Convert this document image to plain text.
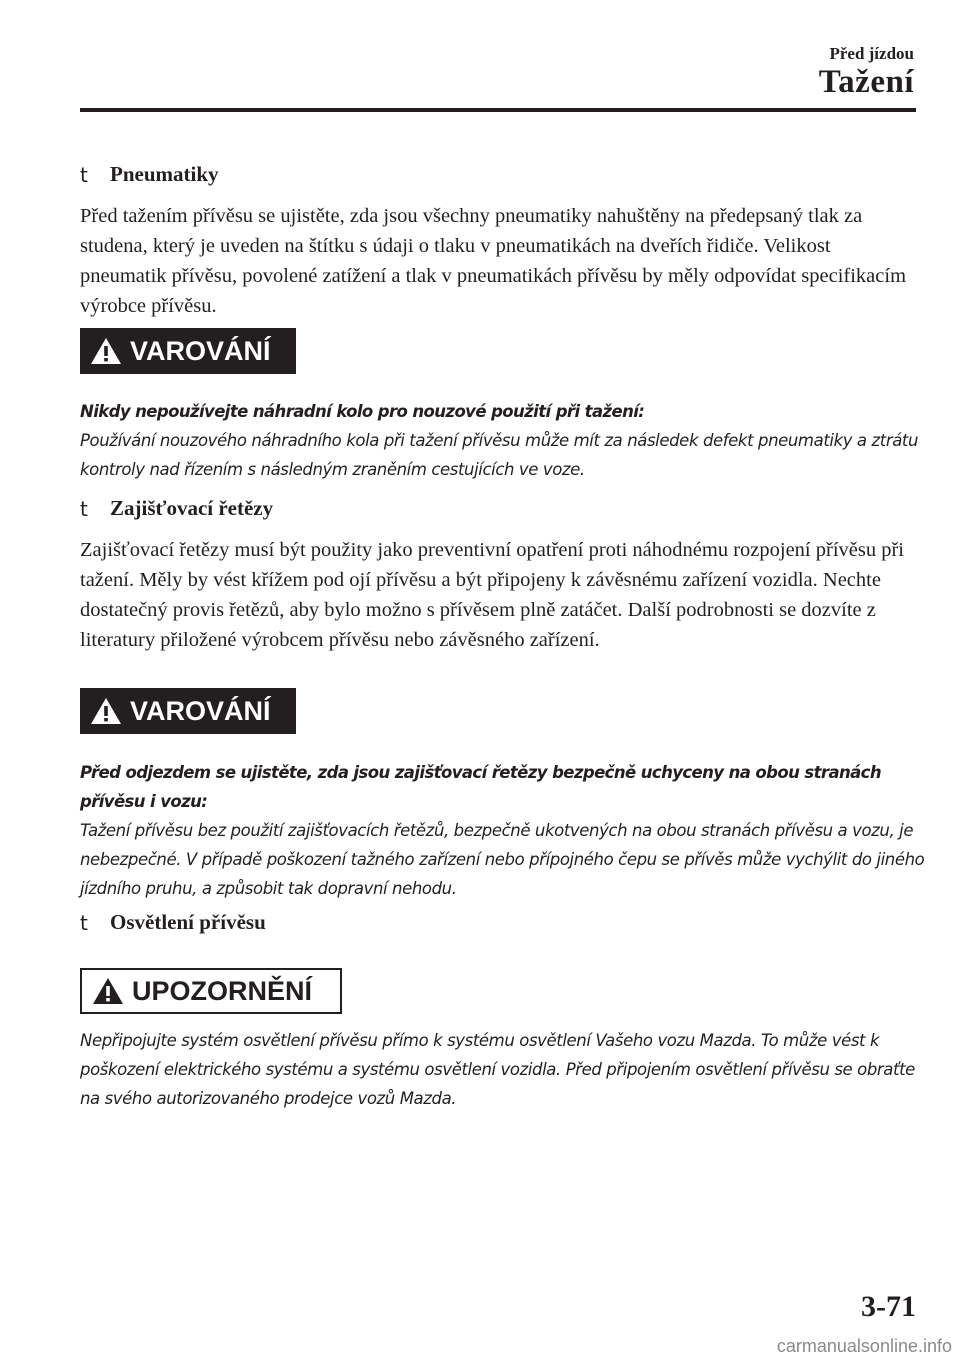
Před jízdou
Tažení
t	Pneumatiky

Před tažením přívěsu se ujistěte, zda jsou všechny pneumatiky nahuštěny na předepsaný tlak za studena, který je uveden na štítku s údaji o tlaku v pneumatikách na dveřích řidiče. Velikost pneumatik přívěsu, povolené zatížení a tlak v pneumatikách přívěsu by měly odpovídat specifikacím výrobce přívěsu.

VAROVÁNÍ

Nikdy nepoužívejte náhradní kolo pro nouzové použití při tažení:
Používání nouzového náhradního kola při tažení přívěsu může mít za následek defekt pneumatiky a ztrátu kontroly nad řízením s následným zraněním cestujících ve voze.

t	Zajišťovací řetězy

Zajišťovací řetězy musí být použity jako preventivní opatření proti náhodnému rozpojení přívěsu při tažení. Měly by vést křížem pod ojí přívěsu a být připojeny k závěsnému zařízení vozidla. Nechte dostatečný provis řetězů, aby bylo možno s přívěsem plně zatáčet. Další podrobnosti se dozvíte z literatury přiložené výrobcem přívěsu nebo závěsného zařízení.

VAROVÁNÍ

Před odjezdem se ujistěte, zda jsou zajišťovací řetězy bezpečně uchyceny na obou stranách přívěsu i vozu:
Tažení přívěsu bez použití zajišťovacích řetězů, bezpečně ukotvených na obou stranách přívěsu a vozu, je nebezpečné. V případě poškození tažného zařízení nebo přípojného čepu se přívěs může vychýlit do jiného jízdního pruhu, a způsobit tak dopravní nehodu.

t	Osvětlení přívěsu
UPOZORNĚNÍ

Nepřipojujte systém osvětlení přívěsu přímo k systému osvětlení Vašeho vozu Mazda. To může vést k poškození elektrického systému a systému osvětlení vozidla. Před připojením osvětlení přívěsu se obraťte na svého autorizovaného prodejce vozů Mazda.

3-71
carmanualsonline.info
